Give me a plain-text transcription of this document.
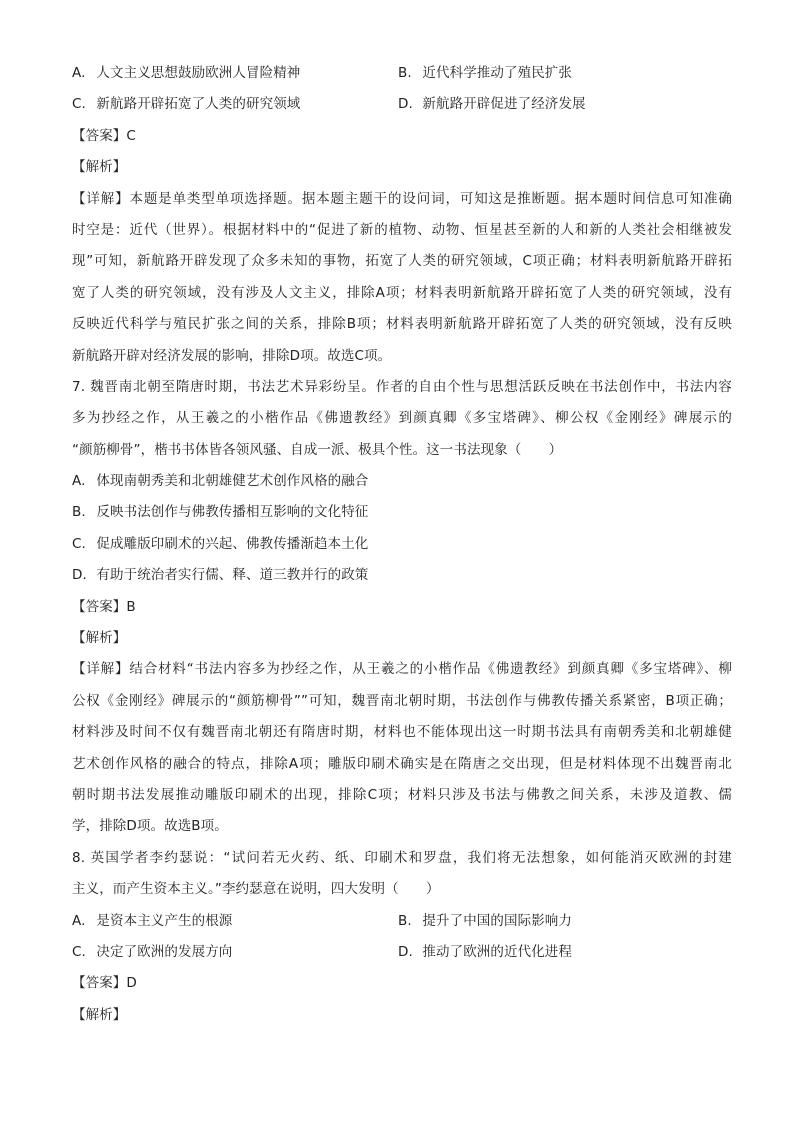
A. 人文主义思想鼓励欧洲人冒险精神	B. 近代科学推动了殖民扩张
C. 新航路开辟拓宽了人类的研究领域	D. 新航路开辟促进了经济发展
【答案】C
【解析】
【详解】本题是单类型单项选择题。据本题主题干的设问词，可知这是推断题。据本题时间信息可知准确
时空是：近代（世界）。根据材料中的“促进了新的植物、动物、恒星甚至新的人和新的人类社会相继被发
现”可知，新航路开辟发现了众多未知的事物，拓宽了人类的研究领域，C项正确；材料表明新航路开辟拓
宽了人类的研究领域，没有涉及人文主义，排除A项；材料表明新航路开辟拓宽了人类的研究领域，没有
反映近代科学与殖民扩张之间的关系，排除B项；材料表明新航路开辟拓宽了人类的研究领域，没有反映
新航路开辟对经济发展的影响，排除D项。故选C项。
7. 魏晋南北朝至隋唐时期，书法艺术异彩纷呈。作者的自由个性与思想活跃反映在书法创作中，书法内容
多为抄经之作，从王羲之的小楷作品《佛遗教经》到颜真卿《多宝塔碑》、柳公权《金刚经》碑展示的
“颜筋柳骨”，楷书书体皆各领风骚、自成一派、极具个性。这一书法现象（　　）
A. 体现南朝秀美和北朝雄健艺术创作风格的融合
B. 反映书法创作与佛教传播相互影响的文化特征
C. 促成雕版印刷术的兴起、佛教传播渐趋本土化
D. 有助于统治者实行儒、释、道三教并行的政策
【答案】B
【解析】
【详解】结合材料“书法内容多为抄经之作，从王羲之的小楷作品《佛遗教经》到颜真卿《多宝塔碑》、柳
公权《金刚经》碑展示的“颜筋柳骨””可知，魏晋南北朝时期，书法创作与佛教传播关系紧密，B项正确；
材料涉及时间不仅有魏晋南北朝还有隋唐时期，材料也不能体现出这一时期书法具有南朝秀美和北朝雄健
艺术创作风格的融合的特点，排除A项；雕版印刷术确实是在隋唐之交出现，但是材料体现不出魏晋南北
朝时期书法发展推动雕版印刷术的出现，排除C项；材料只涉及书法与佛教之间关系，未涉及道教、儒
学，排除D项。故选B项。
8. 英国学者李约瑟说：“试问若无火药、纸、印刷术和罗盘，我们将无法想象，如何能消灭欧洲的封建
主义，而产生资本主义。”李约瑟意在说明，四大发明（　　）
A. 是资本主义产生的根源	B. 提升了中国的国际影响力
C. 决定了欧洲的发展方向	D. 推动了欧洲的近代化进程
【答案】D
【解析】
